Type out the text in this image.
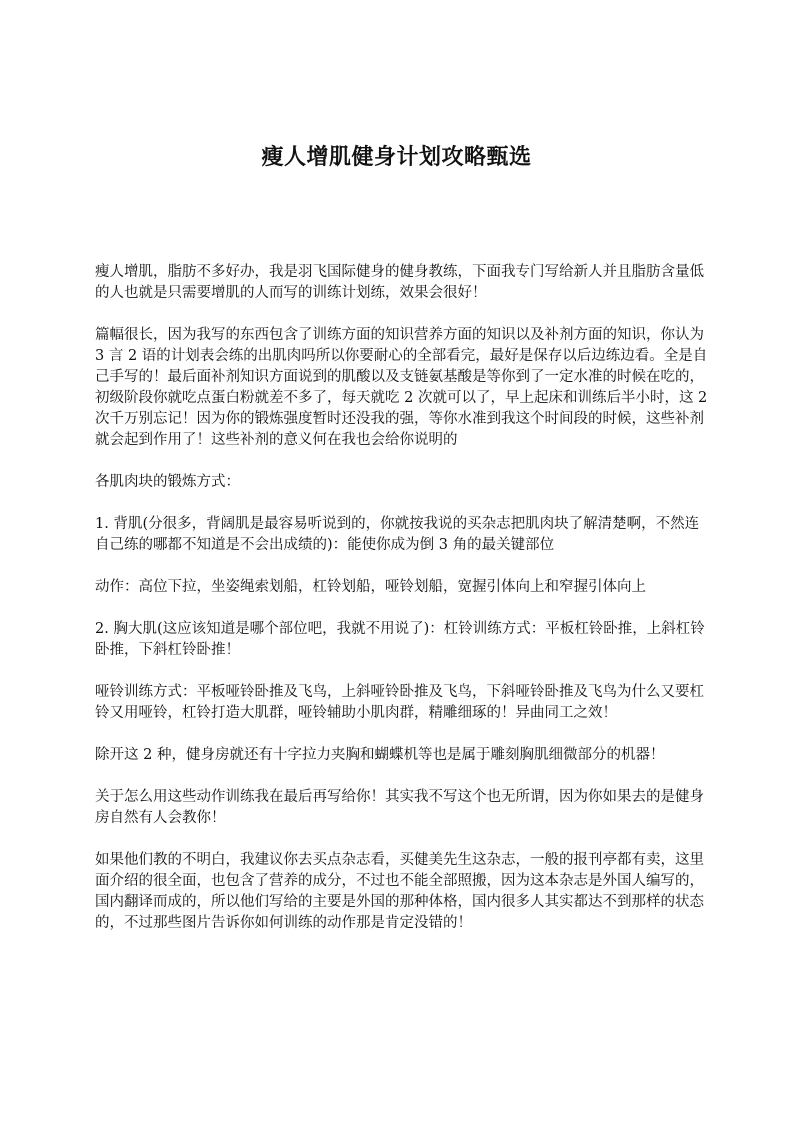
瘦人增肌健身计划攻略甄选

瘦人增肌，脂肪不多好办，我是羽飞国际健身的健身教练，下面我专门写给新人并且脂肪含量低的人也就是只需要增肌的人而写的训练计划练，效果会很好！

篇幅很长，因为我写的东西包含了训练方面的知识营养方面的知识以及补剂方面的知识，你认为 3 言 2 语的计划表会练的出肌肉吗所以你要耐心的全部看完，最好是保存以后边练边看。全是自己手写的！最后面补剂知识方面说到的肌酸以及支链氨基酸是等你到了一定水准的时候在吃的，初级阶段你就吃点蛋白粉就差不多了，每天就吃 2 次就可以了，早上起床和训练后半小时，这 2 次千万别忘记！因为你的锻炼强度暂时还没我的强，等你水准到我这个时间段的时候，这些补剂就会起到作用了！这些补剂的意义何在我也会给你说明的

各肌肉块的锻炼方式：

1. 背肌(分很多，背阔肌是最容易听说到的，你就按我说的买杂志把肌肉块了解清楚啊，不然连自己练的哪都不知道是不会出成绩的)：能使你成为倒 3 角的最关键部位

动作：高位下拉，坐姿绳索划船，杠铃划船，哑铃划船，宽握引体向上和窄握引体向上

2. 胸大肌(这应该知道是哪个部位吧，我就不用说了)：杠铃训练方式：平板杠铃卧推，上斜杠铃卧推，下斜杠铃卧推！

哑铃训练方式：平板哑铃卧推及飞鸟，上斜哑铃卧推及飞鸟，下斜哑铃卧推及飞鸟为什么又要杠铃又用哑铃，杠铃打造大肌群，哑铃辅助小肌肉群，精雕细琢的！异曲同工之效！

除开这 2 种，健身房就还有十字拉力夹胸和蝴蝶机等也是属于雕刻胸肌细微部分的机器！

关于怎么用这些动作训练我在最后再写给你！其实我不写这个也无所谓，因为你如果去的是健身房自然有人会教你！

如果他们教的不明白，我建议你去买点杂志看，买健美先生这杂志，一般的报刊亭都有卖，这里面介绍的很全面，也包含了营养的成分，不过也不能全部照搬，因为这本杂志是外国人编写的，国内翻译而成的，所以他们写给的主要是外国的那种体格，国内很多人其实都达不到那样的状态的，不过那些图片告诉你如何训练的动作那是肯定没错的！
